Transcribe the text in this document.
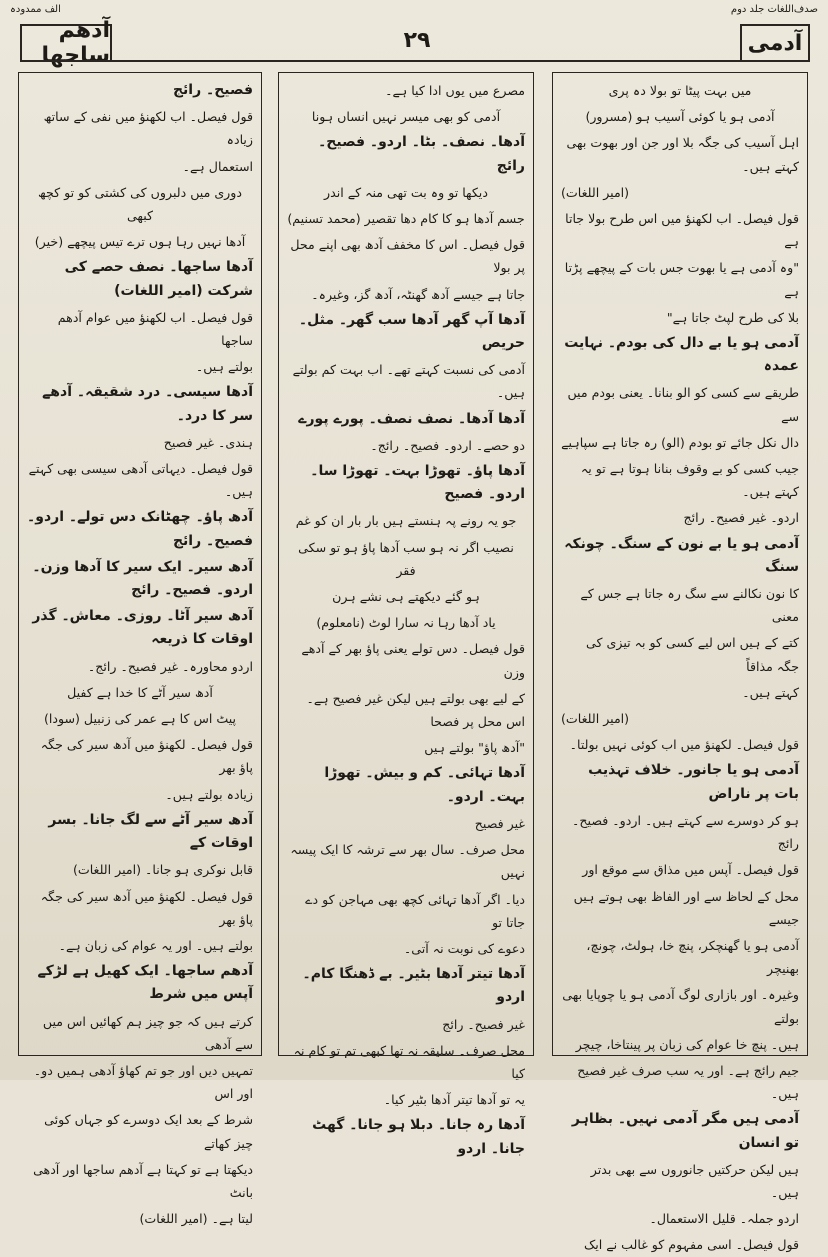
صدف‌اللغات جلد دوم
الف ممدودہ
آدمی
۲۹
آدھم ساجھا

میں بہت پیٹا تو بولا دہ پری

آدمی ہو یا کوئی آسیب ہو (مسرور)

اہل آسیب کی جگہ بلا اور جن اور بھوت بھی کہتے ہیں۔

(امیر اللغات)

قول فیصل۔ اب لکھنؤ میں اس طرح بولا جاتا ہے

"وہ آدمی ہے یا بھوت جس بات کے پیچھے پڑتا ہے

بلا کی طرح لپٹ جاتا ہے"

آدمی ہو یا بے دال کی بودم۔ نہایت عمدہ

طریقے سے کسی کو الو بنانا۔ یعنی بودم میں سے

دال نکل جائے تو بودم (الو) رہ جاتا ہے سپاہیے

جیب کسی کو بے وقوف بنانا ہوتا ہے تو یہ کہتے ہیں۔

اردو۔ غیر فصیح۔ رائج

آدمی ہو یا بے نون کے سنگ۔ چونکہ سنگ

کا نون نکالنے سے سگ رہ جاتا ہے جس کے معنی

کتے کے ہیں اس لیے کسی کو بہ تیزی کی جگہ مذاقاً

کہتے ہیں۔

(امیر اللغات)

قول فیصل۔ لکھنؤ میں اب کوئی نہیں بولتا۔

آدمی ہو یا جانور۔ خلاف تہذیب بات پر ناراض

ہو کر دوسرے سے کہتے ہیں۔ اردو۔ فصیح۔ رائج

قول فیصل۔ آپس میں مذاق سے موقع اور

محل کے لحاظ سے اور الفاظ بھی ہوتے ہیں جیسے

آدمی ہو یا گھنچکر، پنچ خا، ہولٹ، چونچ، بھنیچر

وغیرہ۔ اور بازاری لوگ آدمی ہو یا چوپایا بھی بولتے

ہیں۔ پنچ خا عوام کی زبان پر پینتاخا، چیچر

جیم رائج ہے۔ اور یہ سب صرف غیر فصیح ہیں۔

آدمی ہیں مگر آدمی نہیں۔ بظاہر تو انسان

ہیں لیکن حرکتیں جانوروں سے بھی بدتر ہیں۔

اردو جملہ۔ قلیل الاستعمال۔

قول فیصل۔ اسی مفہوم کو غالب نے ایک

مصرع میں یوں ادا کیا ہے۔

آدمی کو بھی میسر نہیں انساں ہونا

آدھا۔ نصف۔ بٹا۔ اردو۔ فصیح۔ رائج

دیکھا تو وہ بت تھی منہ کے اندر

جسم آدھا ہو کا کام دھا تقصیر (محمد تسنیم)

قول فیصل۔ اس کا مخفف آدھ بھی اپنے محل پر بولا

جاتا ہے جیسے آدھ گھنٹہ، آدھ گز، وغیرہ۔

آدھا آپ گھر آدھا سب گھر۔ مثل۔ حریص

آدمی کی نسبت کہتے تھے۔ اب بہت کم بولتے ہیں۔

آدھا آدھا۔ نصف نصف۔ پورے پورے

دو حصے۔ اردو۔ فصیح۔ رائج۔

آدھا پاؤ۔ تھوڑا بہت۔ تھوڑا سا۔ اردو۔ فصیح

جو یہ رونے پہ ہنستے ہیں بار بار ان کو غم

نصیب اگر نہ ہو سب آدھا پاؤ ہو تو سکی فقر

ہو گئے دیکھتے ہی نشے ہرن

یاد آدھا رہا نہ سارا لوٹ (نامعلوم)

قول فیصل۔ دس تولے یعنی پاؤ بھر کے آدھے وزن

کے لیے بھی بولتے ہیں لیکن غیر فصیح ہے۔ اس محل پر فصحا

"آدھ پاؤ" بولتے ہیں

آدھا تہائی۔ کم و بیش۔ تھوڑا بہت۔ اردو۔

غیر فصیح

محل صرف۔ سال بھر سے ترشہ کا ایک پیسہ نہیں

دیا۔ اگر آدھا تہائی کچھ بھی مہاجن کو دے جاتا تو

دعوے کی نوبت نہ آتی۔

آدھا تیتر آدھا بٹیر۔ بے ڈھنگا کام۔ اردو

غیر فصیح۔ رائج

محل صرف۔ سلیقہ نہ تھا کبھی تم تو کام نہ کیا

یہ تو آدھا تیتر آدھا بٹیر کیا۔

آدھا رہ جانا۔ دبلا ہو جانا۔ گھٹ جانا۔ اردو

فصیح۔ رائج

قول فیصل۔ اب لکھنؤ میں نفی کے ساتھ زیادہ

استعمال ہے۔

دوری میں دلبروں کی کشتی کو تو کچھ کبھی

آدھا نہیں رہا ہوں ترے تیس پیچھے (خیر)

آدھا ساجھا۔ نصف حصے کی شرکت (امیر اللغات)

قول فیصل۔ اب لکھنؤ میں عوام آدھم ساجھا

بولتے ہیں۔

آدھا سیسی۔ درد شقیقہ۔ آدھے سر کا درد۔

ہندی۔ غیر فصیح

قول فیصل۔ دیہاتی آدھی سیسی بھی کہتے ہیں۔

آدھ پاؤ۔ چھٹانک دس تولے۔ اردو۔ فصیح۔ رائج

آدھ سیر۔ ایک سیر کا آدھا وزن۔ اردو۔ فصیح۔ رائج

آدھ سیر آٹا۔ روزی۔ معاش۔ گذر اوقات کا ذریعہ

اردو محاورہ۔ غیر فصیح۔ رائج۔

آدھ سیر آٹے کا خدا ہے کفیل

پیٹ اس کا ہے عمر کی زنبیل (سودا)

قول فیصل۔ لکھنؤ میں آدھ سیر کی جگہ پاؤ بھر

زیادہ بولتے ہیں۔

آدھ سیر آٹے سے لگ جانا۔ بسر اوقات کے

قابل نوکری ہو جانا۔ (امیر اللغات)

قول فیصل۔ لکھنؤ میں آدھ سیر کی جگہ پاؤ بھر

بولتے ہیں۔ اور یہ عوام کی زبان ہے۔

آدھم ساجھا۔ ایک کھیل ہے لڑکے آپس میں شرط

کرتے ہیں کہ جو چیز ہم کھائیں اس میں سے آدھی

تمہیں دیں اور جو تم کھاؤ آدھی ہمیں دو۔ اور اس

شرط کے بعد ایک دوسرے کو جہاں کوئی چیز کھاتے

دیکھتا ہے تو کہتا ہے آدھم ساجھا اور آدھی بانٹ

لیتا ہے۔ (امیر اللغات)
